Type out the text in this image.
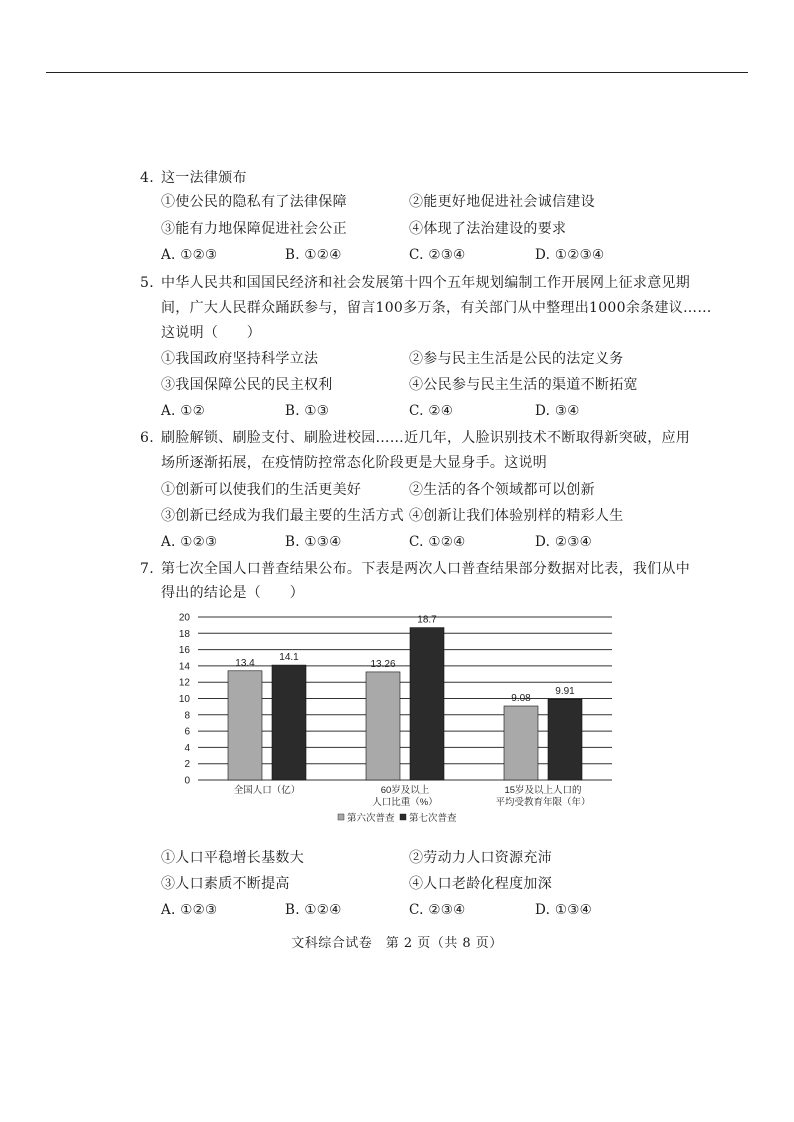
4. 这一法律颁布
①使公民的隐私有了法律保障	②能更好地促进社会诚信建设
③能有力地保障促进社会公正	④体现了法治建设的要求
A. ①②③	B. ①②④	C. ②③④	D. ①②③④
5. 中华人民共和国国民经济和社会发展第十四个五年规划编制工作开展网上征求意见期
间，广大人民群众踊跃参与，留言100多万条，有关部门从中整理出1000余条建议……
这说明（　　）
①我国政府坚持科学立法	②参与民主生活是公民的法定义务
③我国保障公民的民主权利	④公民参与民主生活的渠道不断拓宽
A. ①②	B. ①③	C. ②④	D. ③④
6. 刷脸解锁、刷脸支付、刷脸进校园……近几年，人脸识别技术不断取得新突破，应用
场所逐渐拓展，在疫情防控常态化阶段更是大显身手。这说明
①创新可以使我们的生活更美好	②生活的各个领域都可以创新
③创新已经成为我们最主要的生活方式 ④创新让我们体验别样的精彩人生
A. ①②③	B. ①③④	C. ①②④	D. ②③④
7. 第七次全国人口普查结果公布。下表是两次人口普查结果部分数据对比表，我们从中
得出的结论是（　　）
0
2
4
6
8
10
12
14
16
18
20
13.4
14.1
全国人口（亿）
13.26
18.7
60岁及以上
人口比重（%）
9.08
9.91
15岁及以上人口的
平均受教育年限（年）
第六次普查 第七次普查
①人口平稳增长基数大	②劳动力人口资源充沛
③人口素质不断提高	④人口老龄化程度加深
A. ①②③	B. ①②④	C. ②③④	D. ①③④
文科综合试卷　第 2 页（共 8 页）
